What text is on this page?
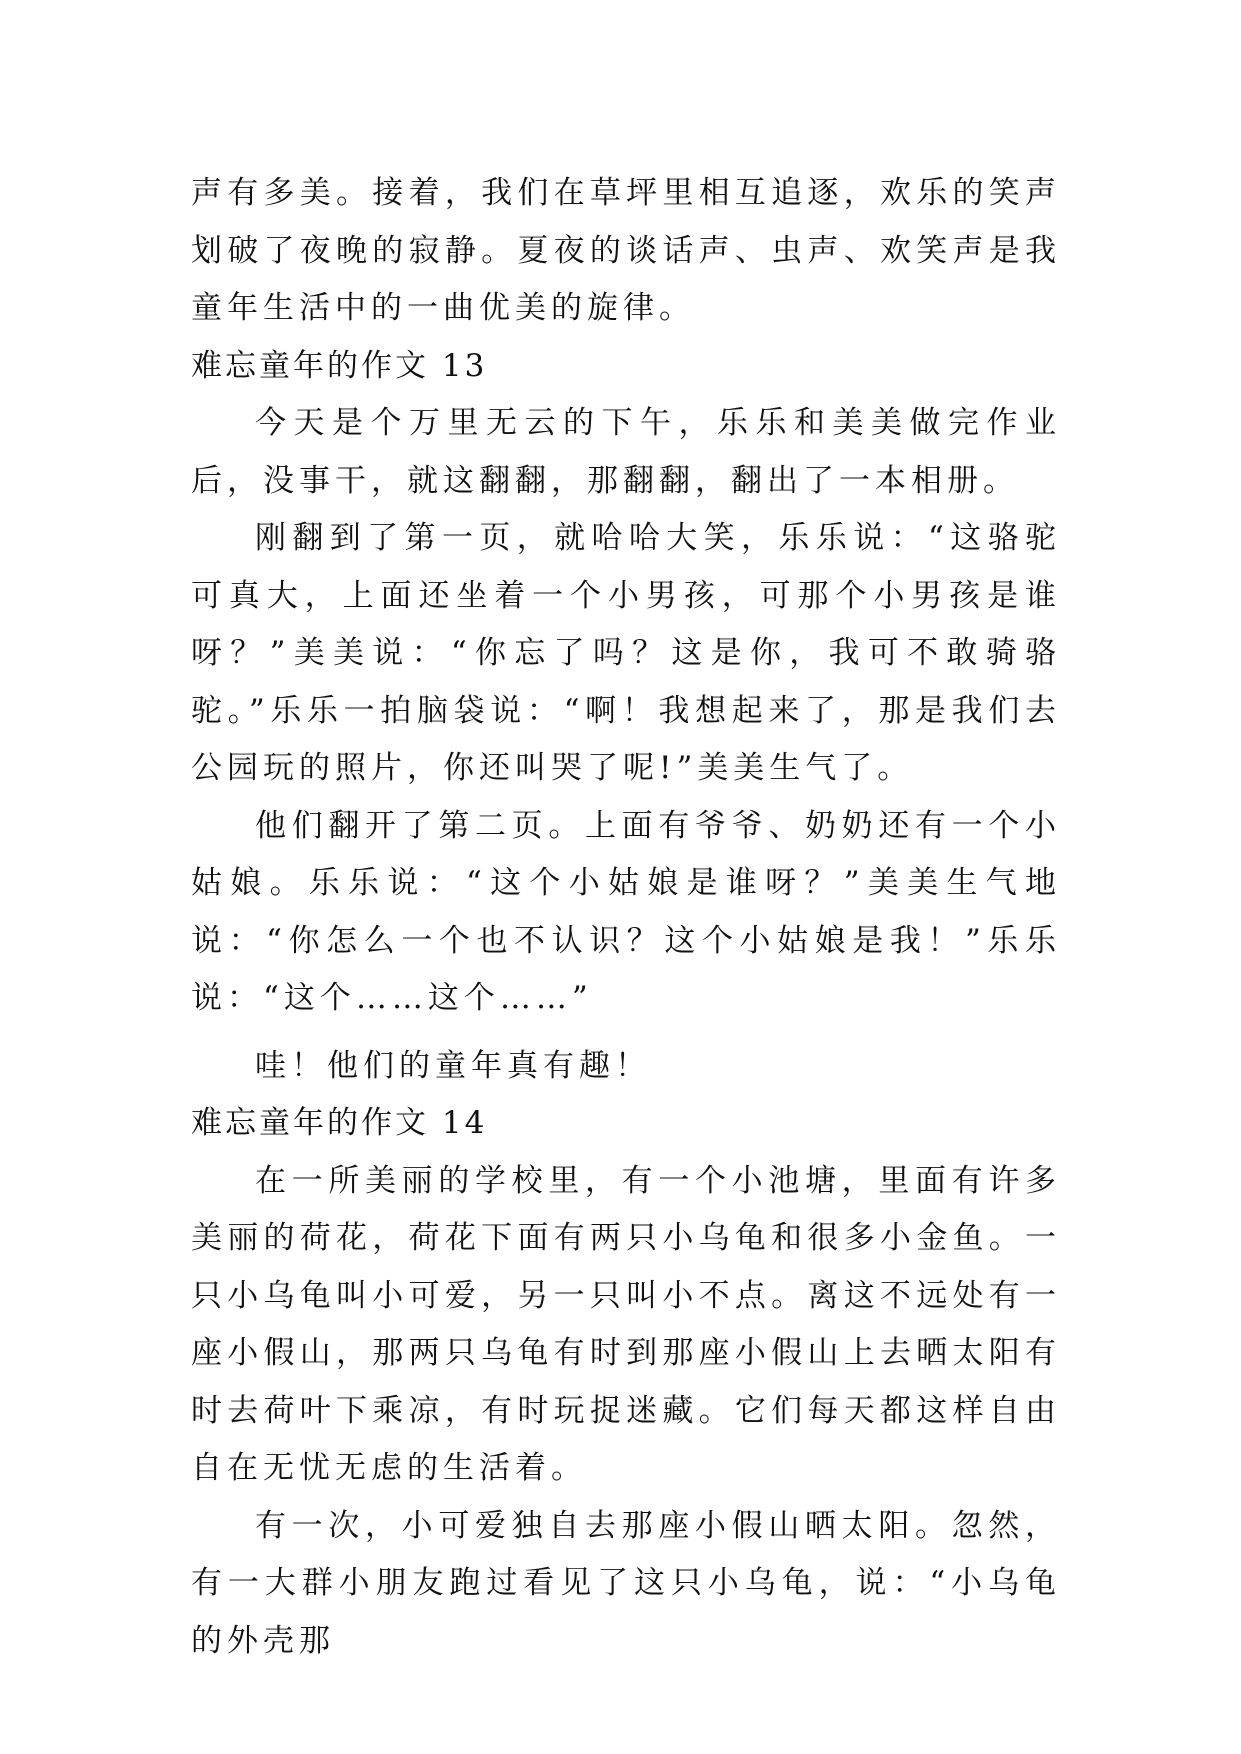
声有多美。接着，我们在草坪里相互追逐，欢乐的笑声划破了夜晚的寂静。夏夜的谈话声、虫声、欢笑声是我童年生活中的一曲优美的旋律。

难忘童年的作文 13

今天是个万里无云的下午，乐乐和美美做完作业后，没事干，就这翻翻，那翻翻，翻出了一本相册。

刚翻到了第一页，就哈哈大笑，乐乐说：“这骆驼可真大，上面还坐着一个小男孩，可那个小男孩是谁呀？”美美说：“你忘了吗？这是你，我可不敢骑骆驼。”乐乐一拍脑袋说：“啊！我想起来了，那是我们去公园玩的照片，你还叫哭了呢!”美美生气了。

他们翻开了第二页。上面有爷爷、奶奶还有一个小姑娘。乐乐说：“这个小姑娘是谁呀？”美美生气地说：“你怎么一个也不认识？这个小姑娘是我！”乐乐说：“这个……这个……”

哇！他们的童年真有趣！

难忘童年的作文 14

在一所美丽的学校里，有一个小池塘，里面有许多美丽的荷花，荷花下面有两只小乌龟和很多小金鱼。一只小乌龟叫小可爱，另一只叫小不点。离这不远处有一座小假山，那两只乌龟有时到那座小假山上去晒太阳有时去荷叶下乘凉，有时玩捉迷藏。它们每天都这样自由自在无忧无虑的生活着。

有一次，小可爱独自去那座小假山晒太阳。忽然，有一大群小朋友跑过看见了这只小乌龟，说：“小乌龟的外壳那
